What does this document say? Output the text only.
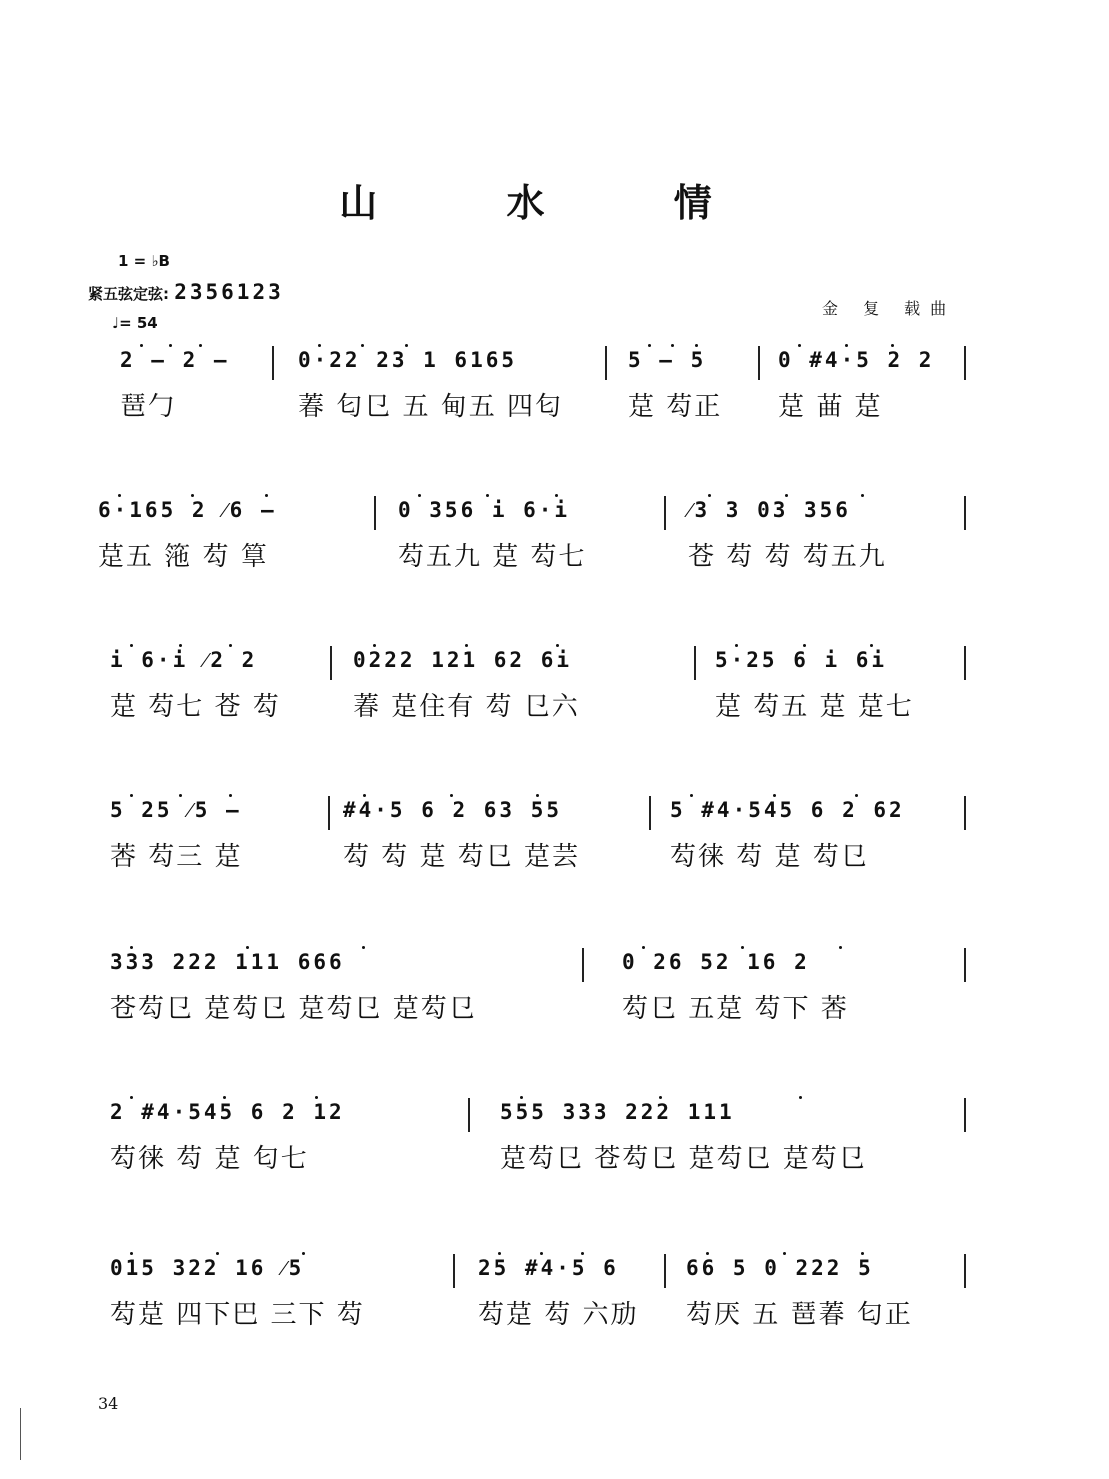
山 水 情
1 = ♭B
紧五弦定弦: 2356123
♩= 54
金 复 载曲
2 — 2 —	0·22 23 1 6165	5 — 5	0 #4·5 2 2
琶勹	萶 匂㔾 五 甸五 四匂 莡 芶正 莡 䒼 莡
6·165 2 ⁄6 —	0 356 i 6·i	⁄3 3 03 356
莡五 筂 芶 筸	芶五九 莡 芶七	苍 芶 芶 芶五九
i 6·i ⁄2 2	0222 121 62 6i	5·25 6 i 6i
莡 芶七 苍 芶	萶 莡住有 芶 㔾六	莡 芶五 莡 莡七
5 25 ⁄5 —	#4·5 6 2 63 55	5 #4·545 6 2 62
莕 芶三 莡	芶 芶 莡 芶㔾 莡芸	芶徕 芶 莡 芶㔾
333 222 111 666	0 26 52 16 2
苍芶㔾 莡芶㔾 莡芶㔾 莡芶㔾	芶㔾 五莡 芶下 莕
2 #4·545 6 2 12	555 333 222 111
芶徕 芶 莡 匂七	莡芶㔾 苍芶㔾 莡芶㔾 莡芶㔾
015 322 16 ⁄5	25 #4·5 6	66 5 0 222 5
芶莡 四下巴 三下 芶	芶莡 芶 六劢 芶厌 五 琶萶 匂正
34
